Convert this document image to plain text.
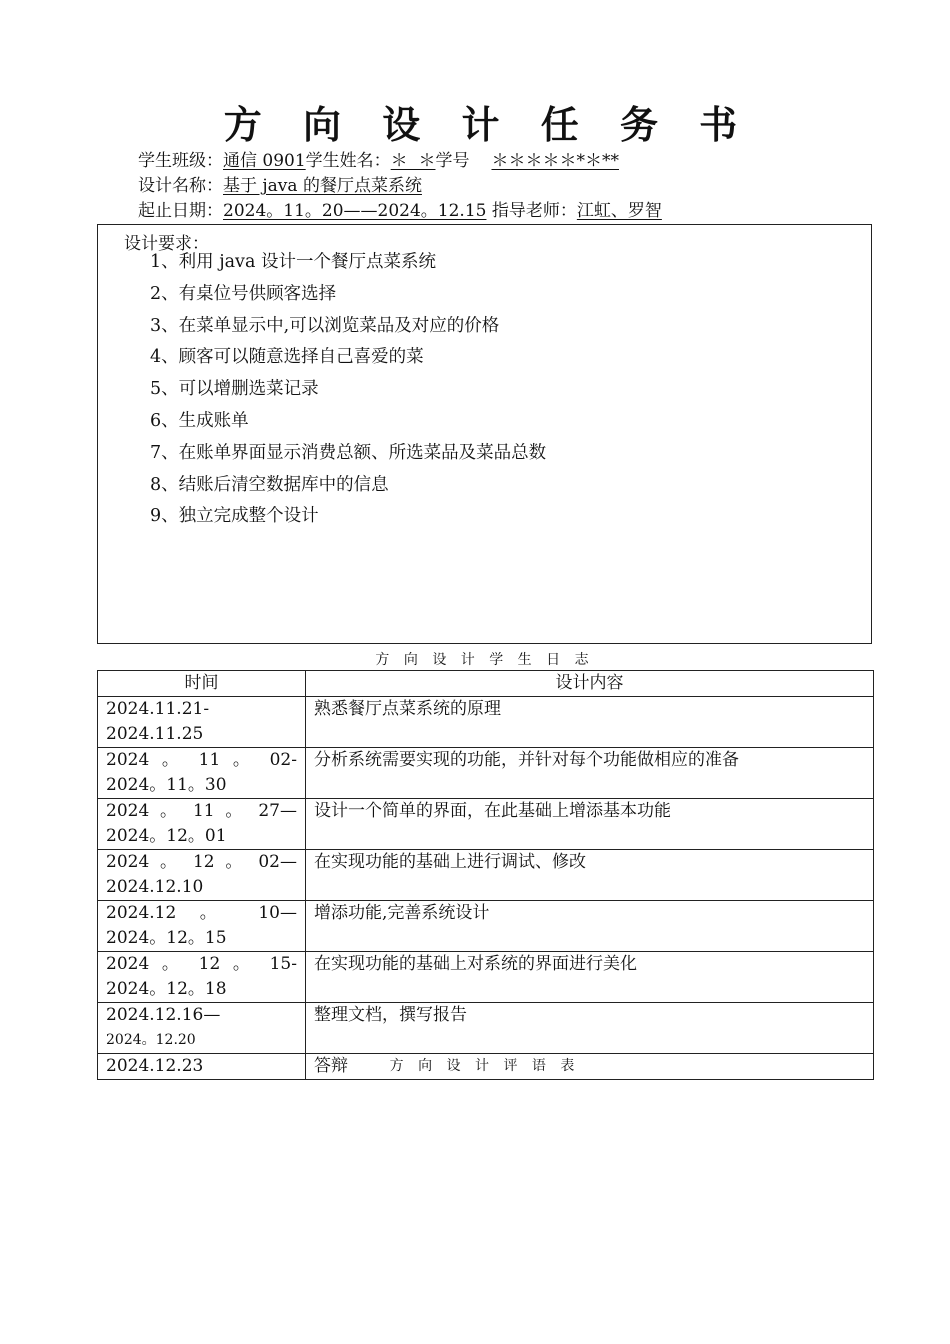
方 向 设 计 任 务 书
学生班级：通信 0901学生姓名：＊  ＊学号 ＊＊＊＊＊*＊**
设计名称：基于 java 的餐厅点菜系统
起止日期：2024。11。20——2024。12.15 指导老师：江虹、罗智
设计要求：
1、利用 java 设计一个餐厅点菜系统
2、有桌位号供顾客选择
3、在菜单显示中,可以浏览菜品及对应的价格
4、顾客可以随意选择自己喜爱的菜
5、可以增删选菜记录
6、生成账单
7、在账单界面显示消费总额、所选菜品及菜品总数
8、结账后清空数据库中的信息
9、独立完成整个设计
方 向 设 计 学 生 日 志
时间	设计内容

2024.11.21-2024.11.25	熟悉餐厅点菜系统的原理

2024 。 11 。 02-
2024。11。30	分析系统需要实现的功能，并针对每个功能做相应的准备

2024 。 11 。 27—
2024。12。01	设计一个简单的界面，在此基础上增添基本功能

2024 。 12 。 02—
2024.12.10	在实现功能的基础上进行调试、修改

2024.12 。 10—
2024。12。15	增添功能,完善系统设计

2024 。 12 。 15-
2024。12。18	在实现功能的基础上对系统的界面进行美化

2024.12.16—
2024。12.20	整理文档，撰写报告

2024.12.23	答辩	方 向 设 计 评 语 表
